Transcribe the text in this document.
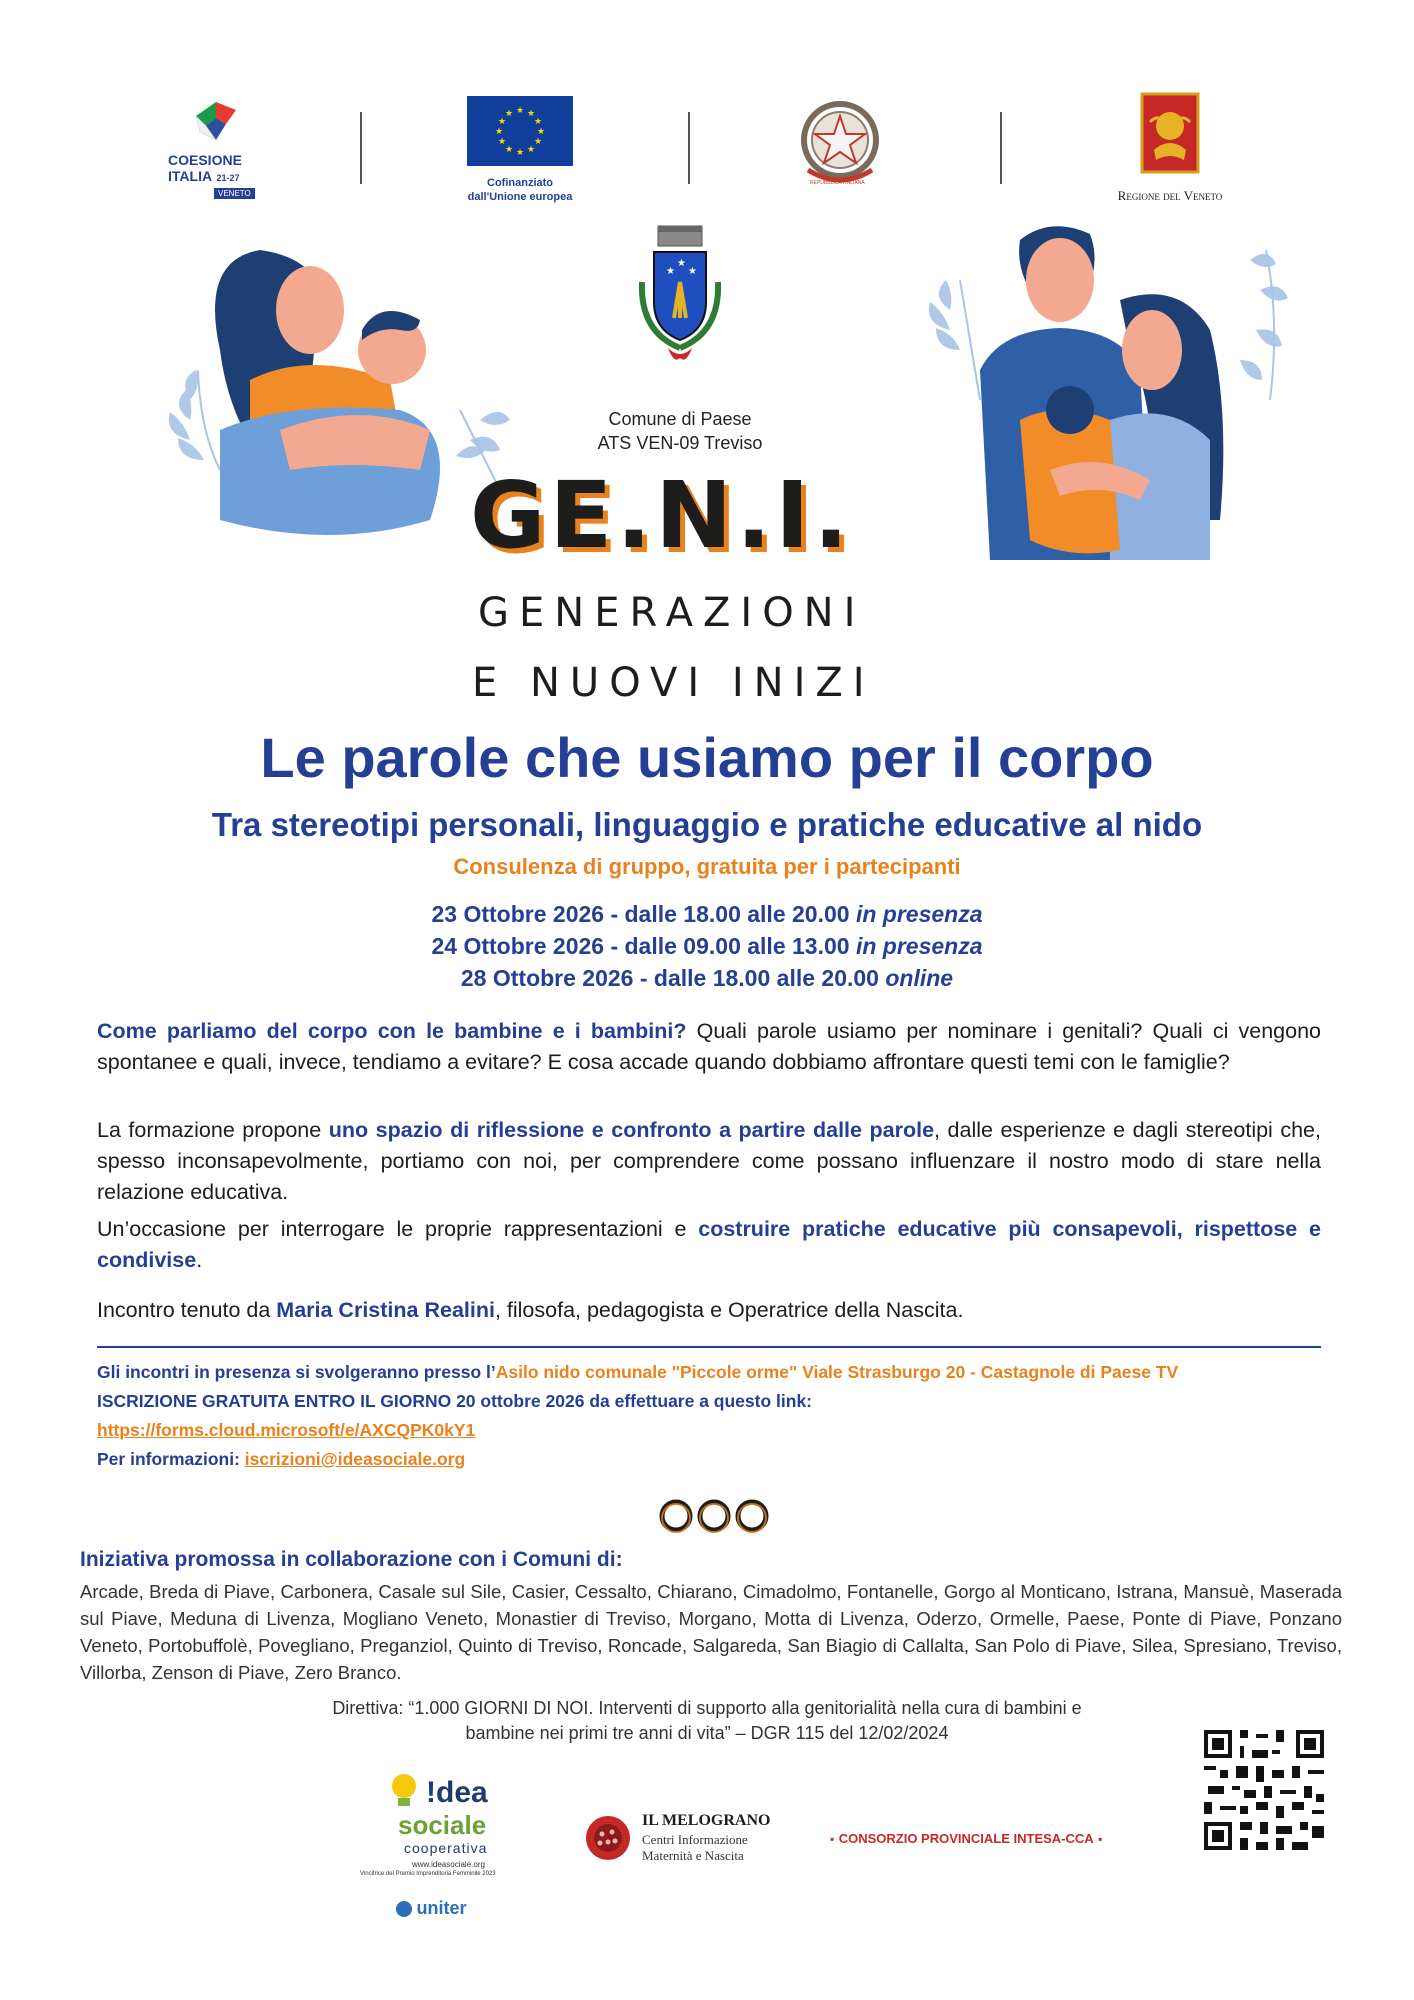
COESIONE
ITALIA 21-27
VENETO
★ ★
★
★
★
★
★
★
★
★
★
★
Cofinanziato
dall'Unione europea
REPUBBLICA ITALIANA
Regione del Veneto
★ ★
★
Comune di Paese
ATS VEN-09 Treviso
GE.N.I.
GENERAZIONI
E NUOVI INIZI
Le parole che usiamo per il corpo
Tra stereotipi personali, linguaggio e pratiche educative al nido
Consulenza di gruppo, gratuita per i partecipanti
23 Ottobre 2026 - dalle 18.00 alle 20.00 in presenza
24 Ottobre 2026 - dalle 09.00 alle 13.00 in presenza
28 Ottobre 2026 - dalle 18.00 alle 20.00 online
Come parliamo del corpo con le bambine e i bambini? Quali parole usiamo per nominare i genitali? Quali ci vengono spontanee e quali, invece, tendiamo a evitare? E cosa accade quando dobbiamo affrontare questi temi con le famiglie?
La formazione propone uno spazio di riflessione e confronto a partire dalle parole, dalle esperienze e dagli stereotipi che, spesso inconsapevolmente, portiamo con noi, per comprendere come possano influenzare il nostro modo di stare nella relazione educativa.
Un’occasione per interrogare le proprie rappresentazioni e costruire pratiche educative più consapevoli, rispettose e condivise.
Incontro tenuto da Maria Cristina Realini, filosofa, pedagogista e Operatrice della Nascita.
Gli incontri in presenza si svolgeranno presso l’Asilo nido comunale "Piccole orme" Viale Strasburgo 20 - Castagnole di Paese TV
ISCRIZIONE GRATUITA ENTRO IL GIORNO 20 ottobre 2026 da effettuare a questo link:
https://forms.cloud.microsoft/e/AXCQPK0kY1
Per informazioni: iscrizioni@ideasociale.org
Iniziativa promossa in collaborazione con i Comuni di:
Arcade, Breda di Piave, Carbonera, Casale sul Sile, Casier, Cessalto, Chiarano, Cimadolmo, Fontanelle, Gorgo al Monticano, Istrana, Mansuè, Maserada sul Piave, Meduna di Livenza, Mogliano Veneto, Monastier di Treviso, Morgano, Motta di Livenza, Oderzo, Ormelle, Paese, Ponte di Piave, Ponzano Veneto, Portobuffolè, Povegliano, Preganziol, Quinto di Treviso, Roncade, Salgareda, San Biagio di Callalta, San Polo di Piave, Silea, Spresiano, Treviso, Villorba, Zenson di Piave, Zero Branco.
Direttiva: “1.000 GIORNI DI NOI. Interventi di supporto alla genitorialità nella cura di bambini e
bambine nei primi tre anni di vita” – DGR 115 del 12/02/2024
!dea
sociale
cooperativa
www.ideasociale.org
Vincitrice del Premio Imprenditoria Femminile 2023
uniter
IL MELOGRANO
Centri Informazione
Maternità e Nascita
▪ CONSORZIO PROVINCIALE INTESA-CCA ▪
